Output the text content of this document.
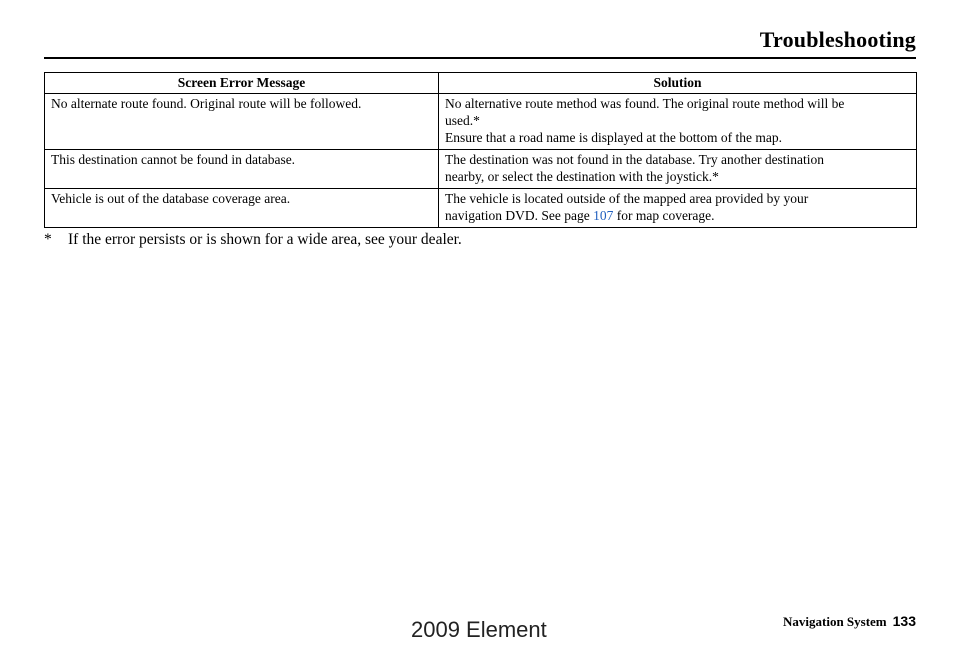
Troubleshooting
Screen Error Message	Solution
No alternate route found. Original route will be followed.	No alternative route method was found. The original route method will be
used.*
Ensure that a road name is displayed at the bottom of the map.

This destination cannot be found in database.	The destination was not found in the database. Try another destination
nearby, or select the destination with the joystick.*

Vehicle is out of the database coverage area.	The vehicle is located outside of the mapped area provided by your
navigation DVD. See page 107 for map coverage.
* If the error persists or is shown for a wide area, see your dealer.
Navigation System 133
2009 Element
